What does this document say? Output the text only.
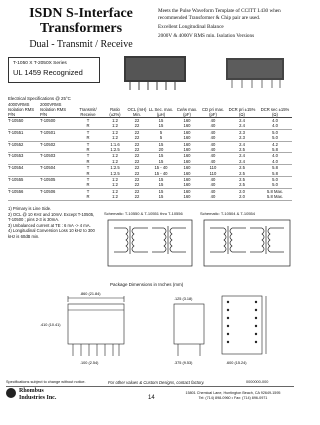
ISDN S-Interface
Transformers
Dual - Transmit / Receive
Meets the Pulse Waveform Template of CCITT I.430 when recommended Transformer & Chip pair are used.
Excellent Longitudinal Balance
2000V & 4000V RMS min. Isolation Versions
T-1050 X T-2050X Series
UL 1459 Recognized
Electrical Specifications @ 25°C
4000VRMS Isolation RMS P/N	2000VRMS Isolation RMS P/N	Transmit/ Receive	Ratio (±2%)	OCL (mH) Min.	LL Sec. max. (µH)	Cw/w max. (pF)	CD pri max. (pF)	DCR pri ±15% (Ω)	DCR sec ±15% (Ω)
T-10550	T-10500	T	1:2	22	15	160	40	2.4	4.0
		R	1:2	22	15	160	40	2.4	4.0
T-10551	T-10501	T	1:2	22	5	160	40	2.3	5.0
		R	1:2	22	5	160	40	2.3	5.0
T-10552	T-10502	T	1:1.6	22	15	160	40	2.4	4.2
		R	1:2.5	22	20	160	40	2.5	5.8
T-10553	T-10503	T	1:2	22	15	160	40	2.4	4.0
		R	1:2	22	15	160	40	2.4	4.0
T-10554	T-10504	T	1:2.5	22	15 - 40	160	110	2.5	5.8
		R	1:2.5	22	15 - 40	160	110	2.5	5.8
T-10555	T-10505	T	1:2	22	15	160	40	2.5	5.0
		R	1:2	22	15	160	40	2.5	5.0
T-10556	T-10506	T	1:2	22	15	160	40	2.0	5.8 Max.
		R	1:2	22	15	160	40	2.0	5.8 Max.
1) Primary is Line Side.
2) OCL @ 10 KHz and 10mV. Except T-10505, T-10500 ; pins 2-3 is 30mA.
3) Unbalanced current at TE : 6 mA -> 4 mA.
4) Longitudinal Conversion Loss 10 kHz to 300 kHz is 60dB min.
Schematic: T-10550 & T-10551 thru T-10556	Schematic: T-10504 & T-10554
Package Dimensions in Inches (mm)
.860 (21.84)
.410 (10.41)
.100 (2.54)	.375 (9.53)
.125 (3.18)
.600 (15.24)
Specifications subject to change without notice.	For other values & Custom Designs, contact factory.	0000000-000
Rhombus
Industries Inc.	14
15801 Chemical Lane, Huntington Beach, CA 92649-1595
Tel: (714) 898-0960 • Fax: (714) 896-0971
